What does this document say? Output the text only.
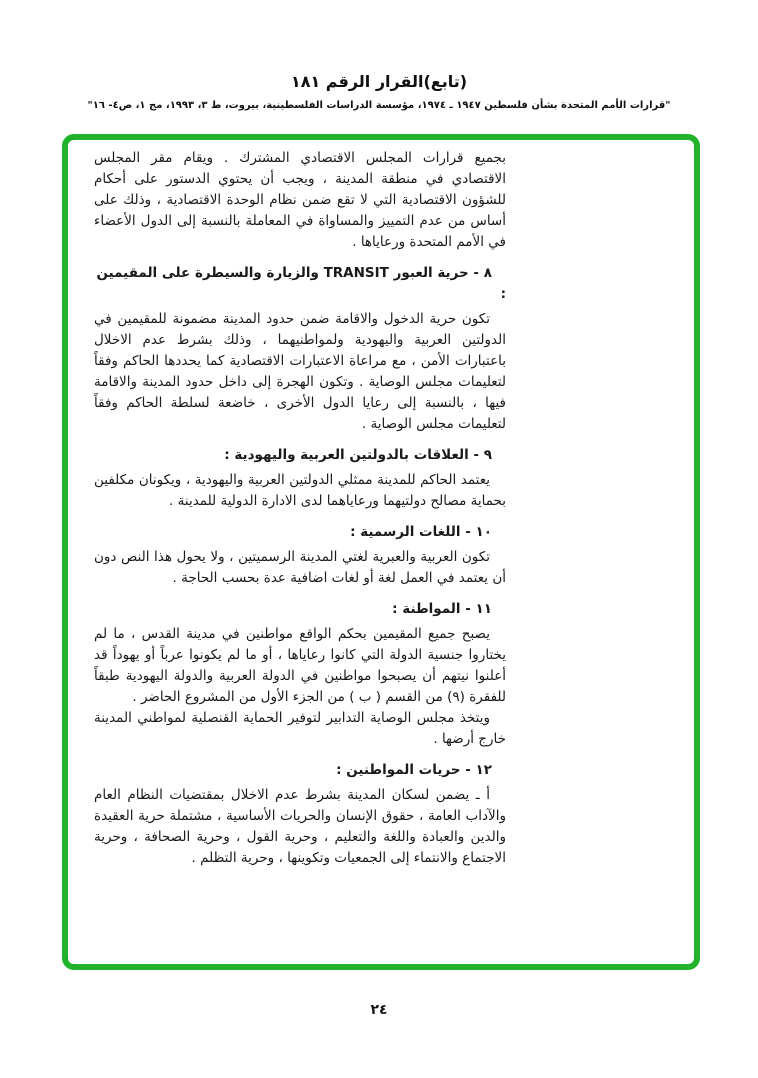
(تابع)القرار الرقم ١٨١
"قرارات الأمم المتحدة بشأن فلسطين ١٩٤٧ ـ ١٩٧٤، مؤسسة الدراسات الفلسطينية، بيروت، ط ٣، ١٩٩٣، مج ١، ص٤- ١٦"

بجميع قرارات المجلس الاقتصادي المشترك . ويقام مقر المجلس الاقتصادي في منطقة المدينة ، ويجب أن يحتوي الدستور على أحكام للشؤون الاقتصادية التي لا تقع ضمن نظام الوحدة الاقتصادية ، وذلك على أساس من عدم التمييز والمساواة في المعاملة بالنسبة إلى الدول الأعضاء في الأمم المتحدة ورعاياها .

٨ - حرية العبور TRANSIT والزيارة والسيطرة على المقيمين :

تكون حرية الدخول والاقامة ضمن حدود المدينة مضمونة للمقيمين في الدولتين العربية واليهودية ولمواطنيهما ، وذلك بشرط عدم الاخلال باعتبارات الأمن ، مع مراعاة الاعتبارات الاقتصادية كما يحددها الحاكم وفقاً لتعليمات مجلس الوصاية . وتكون الهجرة إلى داخل حدود المدينة والاقامة فيها ، بالنسبة إلى رعايا الدول الأخرى ، خاضعة لسلطة الحاكم وفقاً لتعليمات مجلس الوصاية .

٩ - العلاقات بالدولتين العربية واليهودية :

يعتمد الحاكم للمدينة ممثلي الدولتين العربية واليهودية ، ويكونان مكلفين بحماية مصالح دولتيهما ورعاياهما لدى الادارة الدولية للمدينة .

١٠ - اللغات الرسمية :

تكون العربية والعبرية لغتي المدينة الرسميتين ، ولا يحول هذا النص دون أن يعتمد في العمل لغة أو لغات اضافية عدة بحسب الحاجة .

١١ - المواطنة :

يصبح جميع المقيمين بحكم الواقع مواطنين في مدينة القدس ، ما لم يختاروا جنسية الدولة التي كانوا رعاياها ، أو ما لم يكونوا عرباً أو يهوداً قد أعلنوا نيتهم أن يصبحوا مواطنين في الدولة العربية والدولة اليهودية طبقاً للفقرة (٩) من القسم ( ب ) من الجزء الأول من المشروع الحاضر .

ويتخذ مجلس الوصاية التدابير لتوفير الحماية القنصلية لمواطني المدينة خارج أرضها .

١٢ - حريات المواطنين :

أ ـ يضمن لسكان المدينة بشرط عدم الاخلال بمقتضيات النظام العام والآداب العامة ، حقوق الإنسان والحريات الأساسية ، مشتملة حرية العقيدة والدين والعبادة واللغة والتعليم ، وحرية القول ، وحرية الصحافة ، وحرية الاجتماع والانتماء إلى الجمعيات وتكوينها ، وحرية التظلم .

٢٤
